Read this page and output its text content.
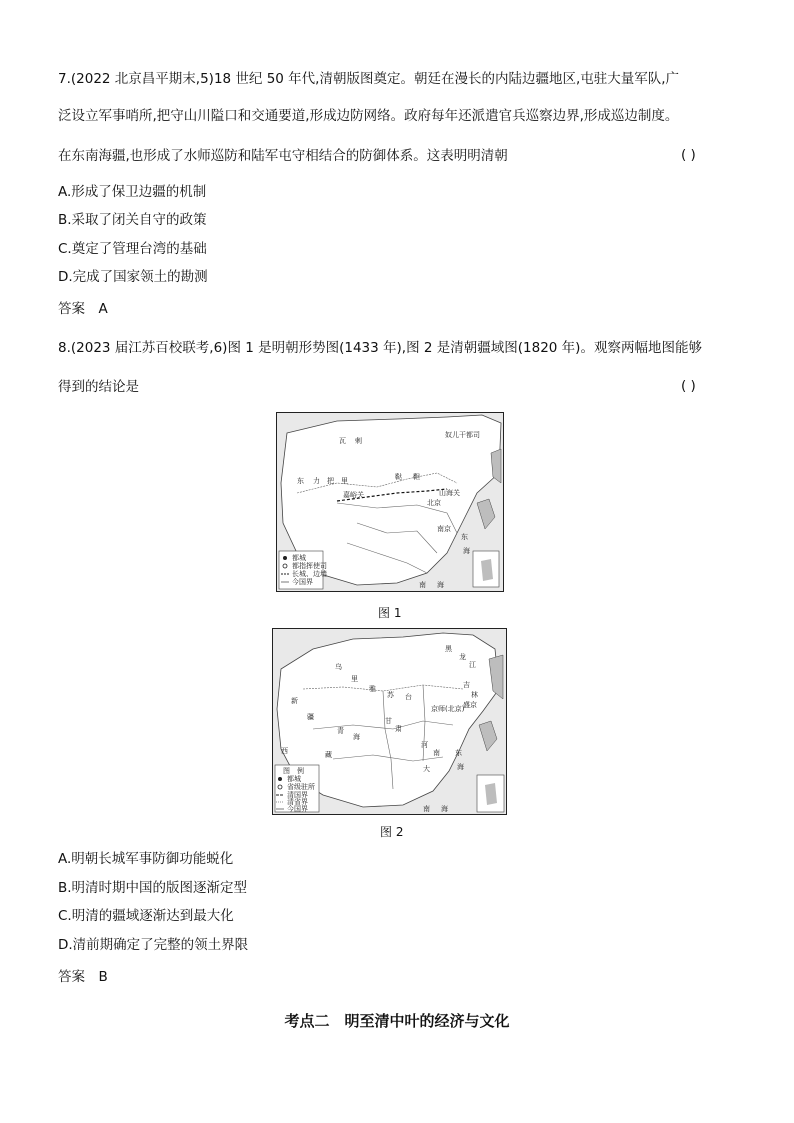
7.(2022 北京昌平期末,5)18 世纪 50 年代,清朝版图奠定。朝廷在漫长的内陆边疆地区,屯驻大量军队,广
泛设立军事哨所,把守山川隘口和交通要道,形成边防网络。政府每年还派遣官兵巡察边界,形成巡边制度。
在东南海疆,也形成了水师巡防和陆军屯守相结合的防御体系。这表明明清朝	( )
A.形成了保卫边疆的机制
B.采取了闭关自守的政策
C.奠定了管理台湾的基础
D.完成了国家领土的勘测
答案　A
8.(2023 届江苏百校联考,6)图 1 是明朝形势图(1433 年),图 2 是清朝疆域图(1820 年)。观察两幅地图能够
得到的结论是	( )
都城
都指挥使司
长城、边墙
今国界
瓦 剌
鞑 靼
东 力 把 里
奴儿干都司
嘉峪关	山海关
北京
南京
东
海
南 海
图 1
图　例
都城
省级驻所
清国界
清省界
今国界
乌
里
雅
苏 台
黑
龙
江
吉
林
新
疆
青
海
西	藏
京师(北京)
盛京
甘
肃
河
南
大
东
海
南 海
图 2
A.明朝长城军事防御功能蜕化
B.明清时期中国的版图逐渐定型
C.明清的疆域逐渐达到最大化
D.清前期确定了完整的领土界限
答案　B
考点二　明至清中叶的经济与文化
